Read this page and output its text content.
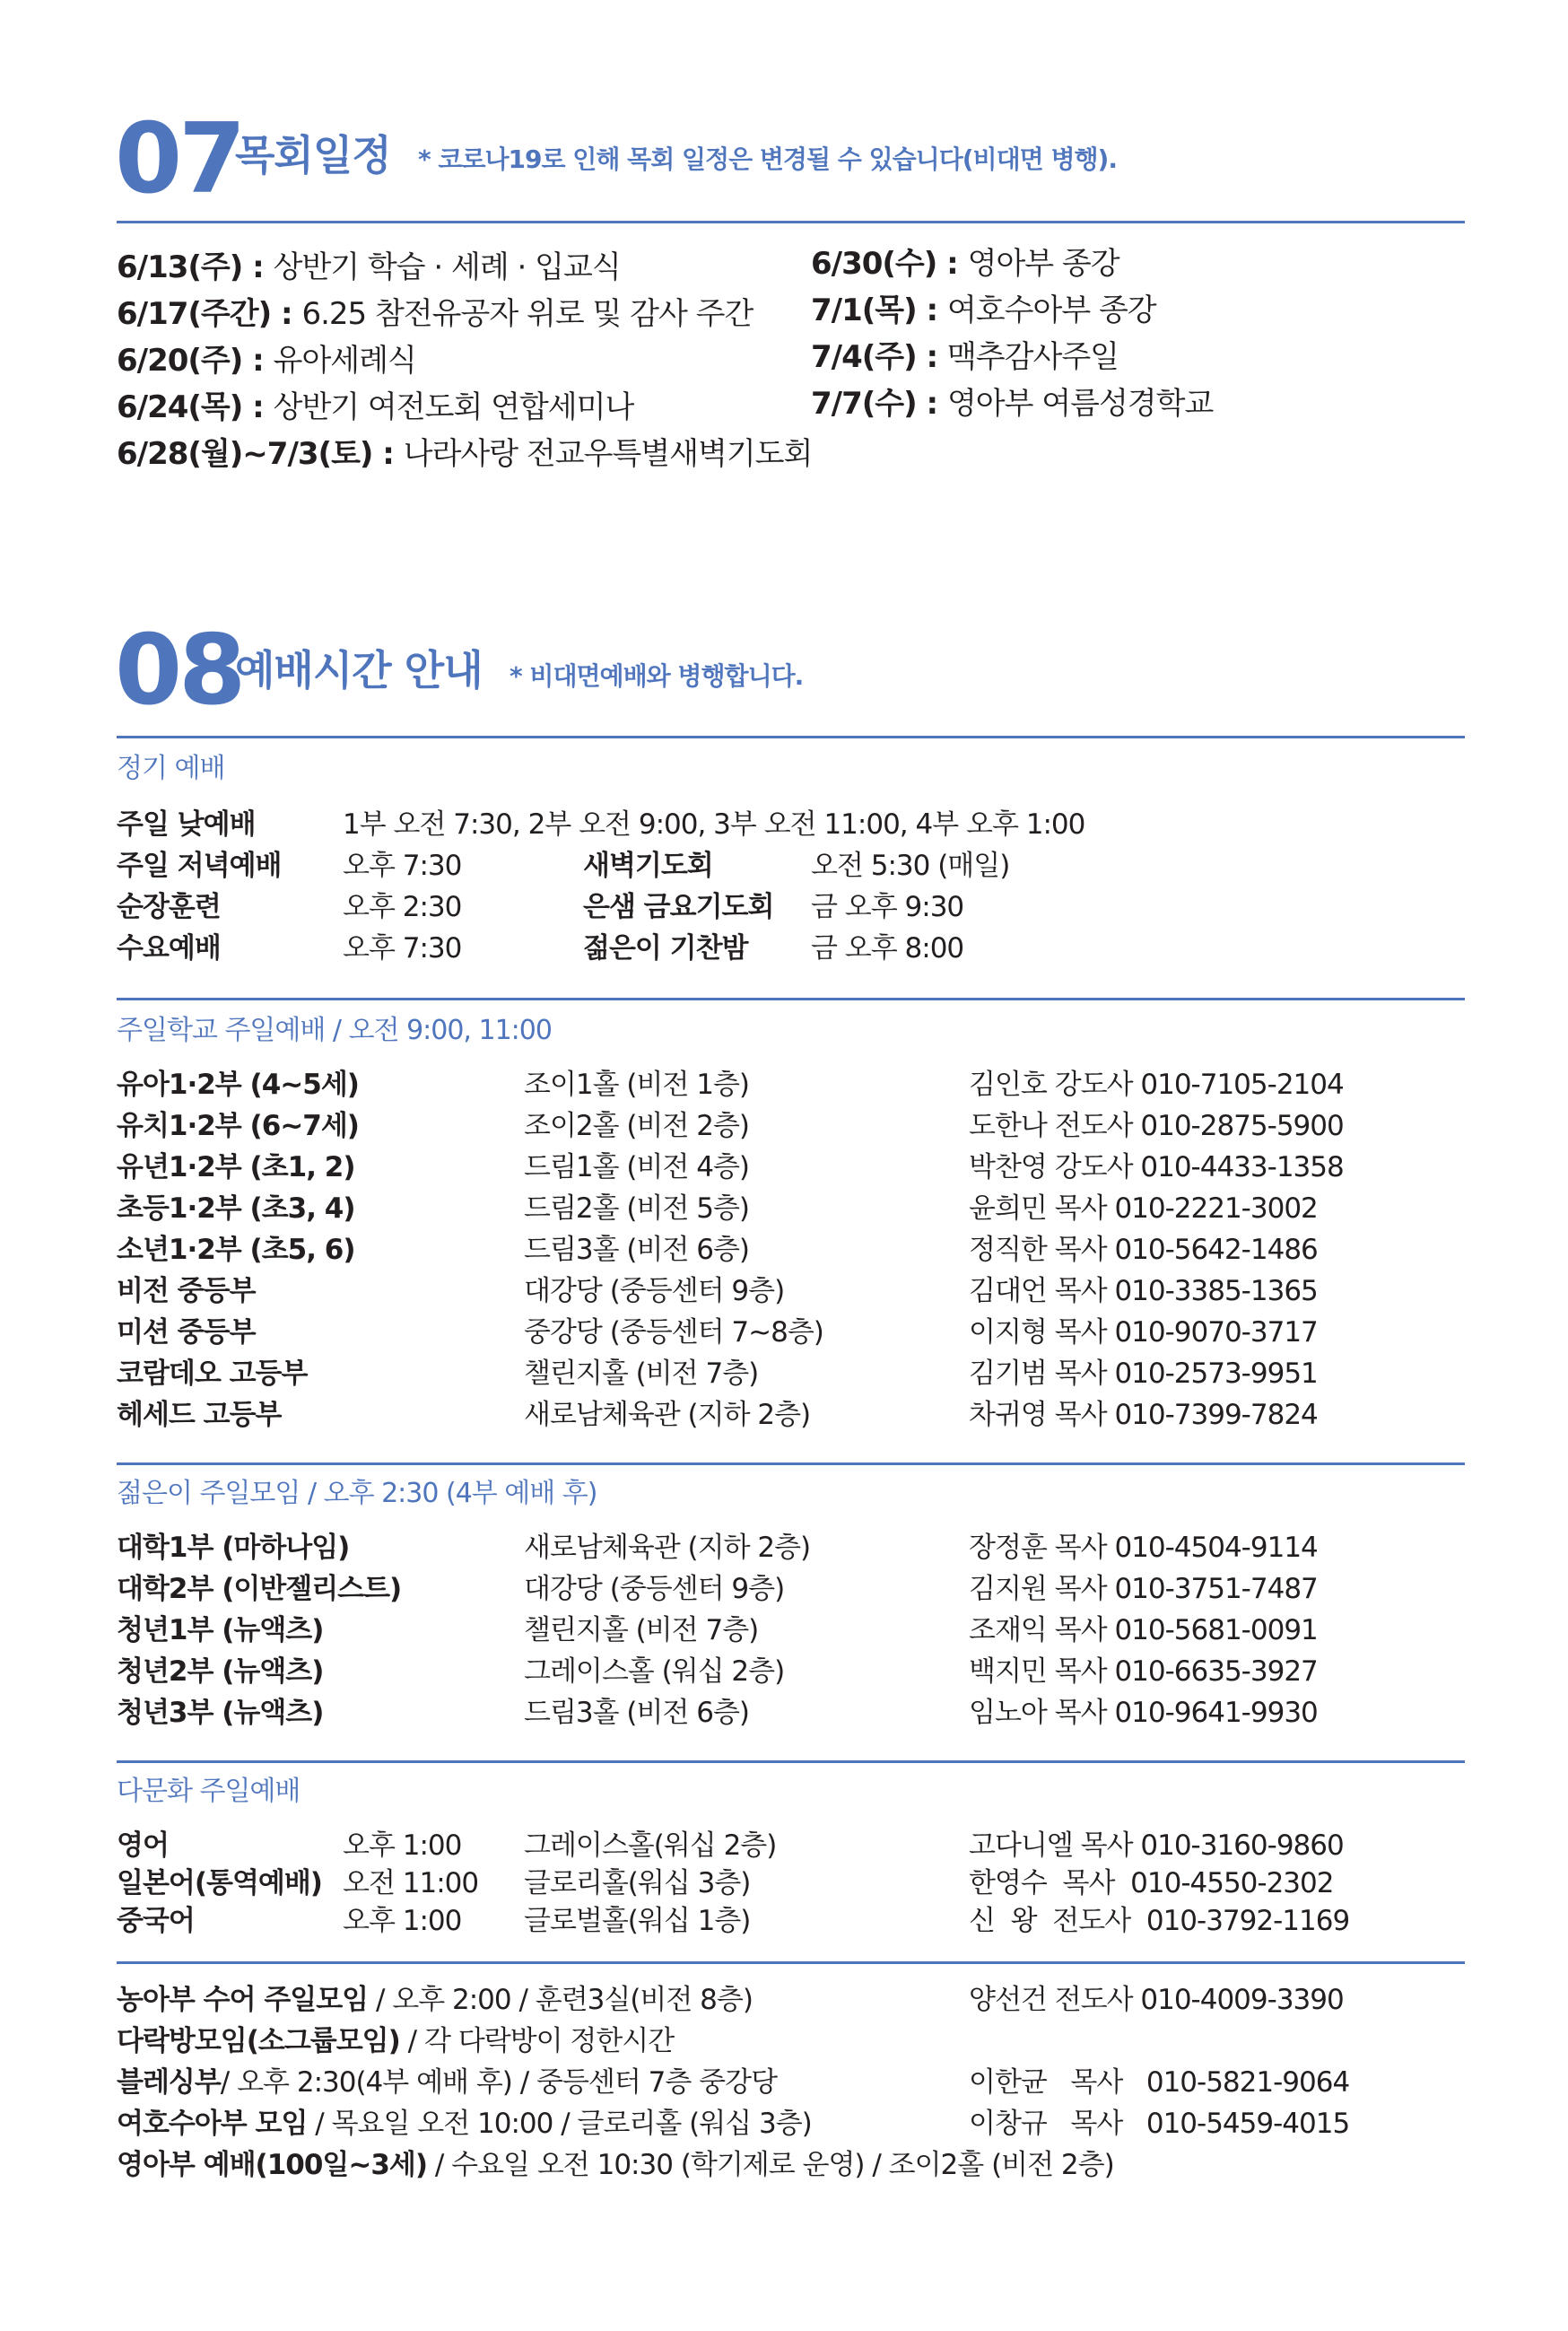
07
목회일정 * 코로나19로 인해 목회 일정은 변경될 수 있습니다(비대면 병행).
6/13(주) : 상반기 학습 · 세례 · 입교식
6/17(주간) : 6.25 참전유공자 위로 및 감사 주간
6/20(주) : 유아세례식
6/24(목) : 상반기 여전도회 연합세미나
6/28(월)~7/3(토) : 나라사랑 전교우특별새벽기도회
6/30(수) : 영아부 종강
7/1(목) : 여호수아부 종강
7/4(주) : 맥추감사주일
7/7(수) : 영아부 여름성경학교
08
예배시간 안내 * 비대면예배와 병행합니다.
정기 예배
주일 낮예배	1부 오전 7:30, 2부 오전 9:00, 3부 오전 11:00, 4부 오후 1:00
주일 저녁예배
순장훈련
수요예배
오후 7:30
오후 2:30
오후 7:30
새벽기도회
은샘 금요기도회
젊은이 기찬밤
오전 5:30 (매일)
금 오후 9:30
금 오후 8:00
주일학교 주일예배 / 오전 9:00, 11:00
유아1·2부 (4~5세)
유치1·2부 (6~7세)
유년1·2부 (초1, 2)
초등1·2부 (초3, 4)
소년1·2부 (초5, 6)
비전 중등부
미션 중등부
코람데오 고등부
헤세드 고등부
조이1홀 (비전 1층)
조이2홀 (비전 2층)
드림1홀 (비전 4층)
드림2홀 (비전 5층)
드림3홀 (비전 6층)
대강당 (중등센터 9층)
중강당 (중등센터 7~8층)
챌린지홀 (비전 7층)
새로남체육관 (지하 2층)
김인호 강도사 010-7105-2104
도한나 전도사 010-2875-5900
박찬영 강도사 010-4433-1358
윤희민 목사 010-2221-3002
정직한 목사 010-5642-1486
김대언 목사 010-3385-1365
이지형 목사 010-9070-3717
김기범 목사 010-2573-9951
차귀영 목사 010-7399-7824
젊은이 주일모임 / 오후 2:30 (4부 예배 후)
대학1부 (마하나임)
대학2부 (이반젤리스트)
청년1부 (뉴액츠)
청년2부 (뉴액츠)
청년3부 (뉴액츠)
새로남체육관 (지하 2층)
대강당 (중등센터 9층)
챌린지홀 (비전 7층)
그레이스홀 (워십 2층)
드림3홀 (비전 6층)
장정훈 목사 010-4504-9114
김지원 목사 010-3751-7487
조재익 목사 010-5681-0091
백지민 목사 010-6635-3927
임노아 목사 010-9641-9930
다문화 주일예배
영어
일본어(통역예배)
중국어
오후 1:00
오전 11:00
오후 1:00
그레이스홀(워십 2층)
글로리홀(워십 3층)
글로벌홀(워십 1층)
고다니엘 목사 010-3160-9860
한영수  목사  010-4550-2302
신  왕  전도사  010-3792-1169
농아부 수어 주일모임 / 오후 2:00 / 훈련3실(비전 8층)
다락방모임(소그룹모임) / 각 다락방이 정한시간
블레싱부/ 오후 2:30(4부 예배 후) / 중등센터 7층 중강당
여호수아부 모임 / 목요일 오전 10:00 / 글로리홀 (워십 3층)
영아부 예배(100일~3세) / 수요일 오전 10:30 (학기제로 운영) / 조이2홀 (비전 2층)
양선건 전도사 010-4009-3390
이한균   목사   010-5821-9064
이창규   목사   010-5459-4015
